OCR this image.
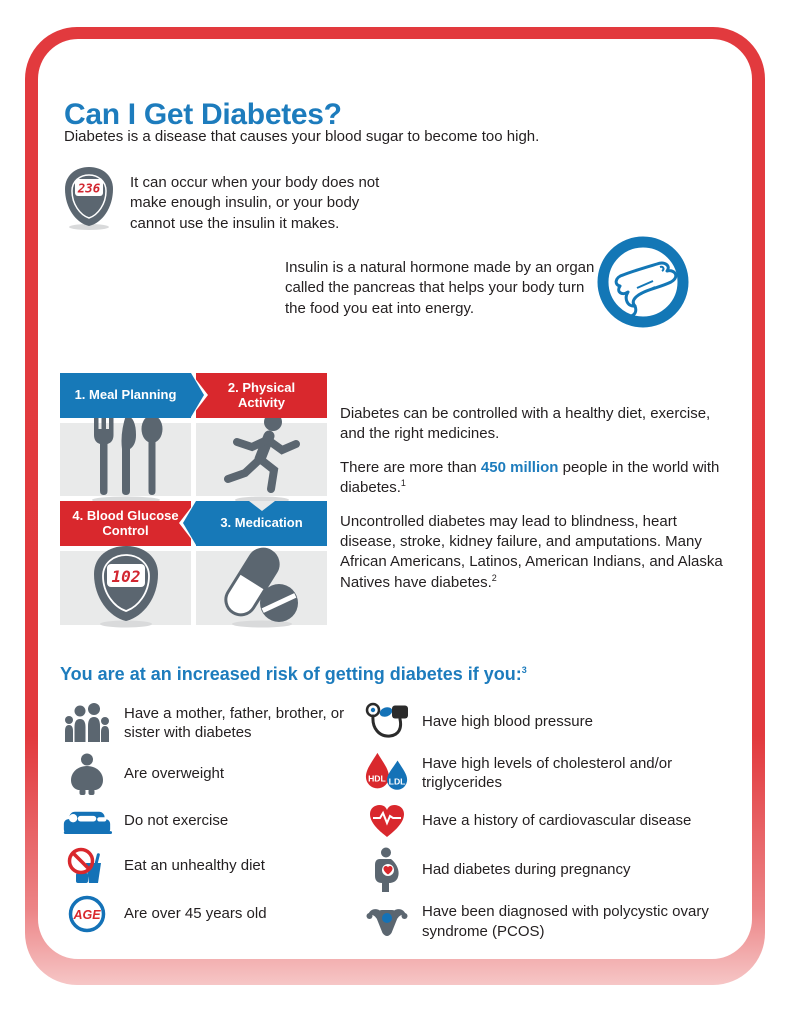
Can I Get Diabetes?
Diabetes is a disease that causes your blood sugar to become too high.
236 It can occur when your body does not make enough insulin, or your body cannot use the insulin it makes.

Insulin is a natural hormone made by an organ called the pancreas that helps your body turn the food you eat into energy.

1. Meal Planning	2. Physical Activity
4. Blood Glucose Control	3. Medication
102

Diabetes can be controlled with a healthy diet, exercise, and the right medicines.

There are more than 450 million people in the world with diabetes.$^1$

Uncontrolled diabetes may lead to blindness, heart disease, stroke, kidney failure, and amputations. Many African Americans, Latinos, American Indians, and Alaska Natives have diabetes.$^2$

You are at an increased risk of getting diabetes if you:$^3$
Have a mother, father, brother, or sister with diabetes
Are overweight
Do not exercise
Eat an unhealthy diet
AGE Are over 45 years old
Have high blood pressure
HDL LDL
Have high levels of cholesterol and/or triglycerides
Have a history of cardiovascular disease
Had diabetes during pregnancy
Have been diagnosed with polycystic ovary syndrome (PCOS)
